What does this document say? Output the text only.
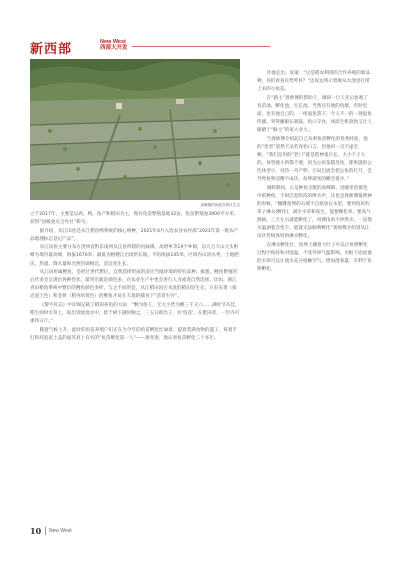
新西部	New West
西部大开发
高峰镇的鱼稻共养区生态

立于2017年，主要是以鸡、鸭、鱼产和稻田为主，现有鱼苗繁殖基地32亩，鱼苗繁殖池3900平方米，获得“县级重点合作社”称号。

据介绍，从江田鱼是从江稻鱼鸭系统的核心物种，2021年4月入选农业农村部“2021年第一批农产品地理标志登记产品”。

从江田鱼主要分布在贵州省黔东南州从江县所辖的丙妹镇、高增乡等19个乡镇，以九万大山元头野峰为境内最高峰，海拔1670米；最低为榕楼江出境的长坡，平均海拔145米。区域内山清水秀，土地肥沃，热量、降水量和光照热调相宜，适宜鱼生长。

从江田鱼属鲤鱼，是经过世代繁衍，自然选择形成的适应当地环境的特有品种。据悉，鲤鱼繁殖的后代多会呈现出各种性状，最突出就是颜色多，在农业生产中也会进行人为或者自然选择。比如，浙江青田稻鱼系统中繁衍的鲤鱼颜色多样，与之不同的是，从江稻田因在水洗的稻田里生长，只有灰黄（接近泥土色）和金黄（稻谷的黄色）的鲤鱼才易在天敌的捕食下“适者生存”。

《黎平府志》中详细记载了稻田养鱼的方法：“颗为鱼王，无大小皆为鲤三千又六……满时节从佳，稻生则时水草上，取出别放池水中，留于树下副时顺之，三五日即出子，名'鱼花'。在肥田者，一年内可重四五斤。”

随着气候上升，此时的鱼苗养殖户们正在为今年的鱼苗孵化忙碌着。提着装满食物的篮子，挥着手打和环泡泥土盖的面苏县上有名的“鱼苗孵化第一人”——龚青春，他认事鱼苗孵化二十多年。

待他走出，说道：“这是稻农利用的合作养殖的新品种，你们看看长势咋样？”边说边将示着刚从水池里打捞上来的小鱼苗。

在“路主”龚师傅的帮助下，调研一行人先后参观了育苗池、孵化池、生长池。当然还有他的鱼塘，有时里面，也有他自己的，一组面鱼游下，令人不一的一现鼠鱼传播。突得睡眼认圆鼓、鱼口夺食，场面生机勃勃又让人眼睛于“路主”的家大业大。

当龚师傅介绍起自己从事鱼苗孵化的优秀经验，他的“贵者”道然天朵若育始口言，但他讲一点不虚宏啊，“我们是用的“老口”就是搭神鬼巨长、大小个子大的，体型瘦小的都不要，因为公鱼鉴越母鱼，郁果就的公色体型小，母热一舟产卵，它局巴流会把公鱼的打开，会导致鱼卵浸精不成功，鱼卵就死的概会很少。”

调研期间，正是种鱼交配的高峰期，池塘里的群色中的种鱼，不时泛起阵阵的哗水声，这也是龚师傅最费神的时候，“雌雌鱼卵的石墙不自接放在水里，要到鱼好的草子淋水(孵化)，减少水草和发生，能便哪化率，要高气源格。三天左右就能孵化了，用测浅看不停然水，一直都水温剥着会变千，能就无法顺利孵化”龚师傅介绍到从江田区传统体特的淋水孵化。

在淋水孵化区，鱼卵上捆着大叶子可以让鱼卵孵化过程中保持和对湿温，不受外界气温影响。水框下面放置的水帘可以让流水充分接触空气，增加溶氧量，有利于鱼卵孵化。

10 New West
